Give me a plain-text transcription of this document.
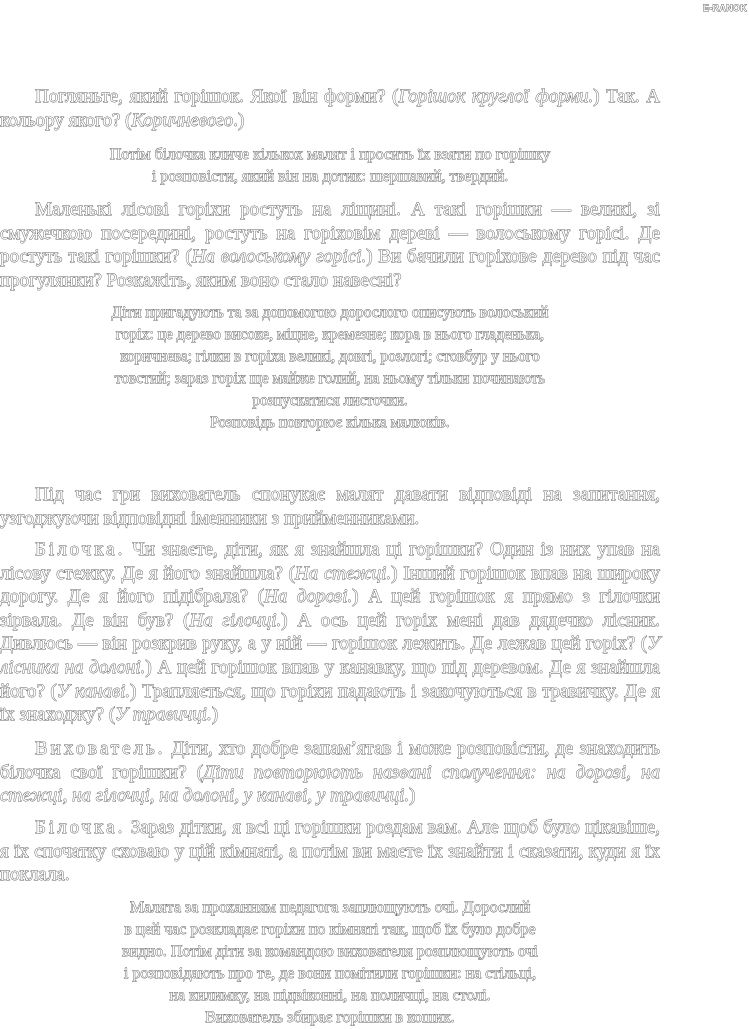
E-RANOK

Погляньте, який горішок. Якої він форми? (Горішок круглої форми.) Так. А кольору якого? (Коричневого.)

Потім білочка кличе кількох малят і просить їх взяти по горішку
і розповісти, який він на дотик: шершавий, твердий.

Маленькі лісові горіхи ростуть на ліщині. А такі горішки — великі, зі смужечкою посередині, ростуть на горіховім дереві — волоському горісі. Де ростуть такі горішки? (На волоському горісі.) Ви бачили горіхове дерево під час прогулянки? Розкажіть, яким воно стало навесні?

Діти пригадують та за допомогою дорослого описують волоський
горіх: це дерево високе, міцне, кремезне; кора в нього гладенька,
коричнева; гілки в горіха великі, довгі, розлогі; стовбур у нього
товстий; зараз горіх ще майже голий, на ньому тільки починають
розпускатися листочки.
Розповідь повторює кілька малюків.

Під час гри вихователь спонукає малят давати відповіді на запитання, узгоджуючи відповідні іменники з прийменниками.

Білочка. Чи знаєте, діти, як я знайшла ці горішки? Один із них упав на лісову стежку. Де я його знайшла? (На стежці.) Інший горішок впав на широку дорогу. Де я його підібрала? (На дорозі.) А цей горішок я прямо з гілочки зірвала. Де він був? (На гілочці.) А ось цей горіх мені дав дядечко лісник. Дивлюсь — він розкрив руку, а у ній — горішок лежить. Де лежав цей горіх? (У лісника на долоні.) А цей горішок впав у канавку, що під деревом. Де я знайшла його? (У канаві.) Трапляється, що горіхи падають і закочуються в травичку. Де я їх знаходжу? (У травичці.)

Вихователь. Діти, хто добре запам’ятав і може розповісти, де знаходить білочка свої горішки? (Діти повторюють названі сполучення: на дорозі, на стежці, на гілочці, на долоні, у канаві, у травичці.)

Білочка. Зараз дітки, я всі ці горішки роздам вам. Але щоб було цікавіше, я їх спочатку сховаю у цій кімнаті, а потім ви маєте їх знайти і сказати, куди я їх поклала.

Малята за проханням педагога заплющують очі. Дорослий
в цей час розкладає горіхи по кімнаті так, щоб їх було добре
видно. Потім діти за командою вихователя розплющують очі
і розповідають про те, де вони помітили горішки: на стільці,
на килимку, на підвіконні, на поличці, на столі.
Вихователь збирає горішки в кошик.
